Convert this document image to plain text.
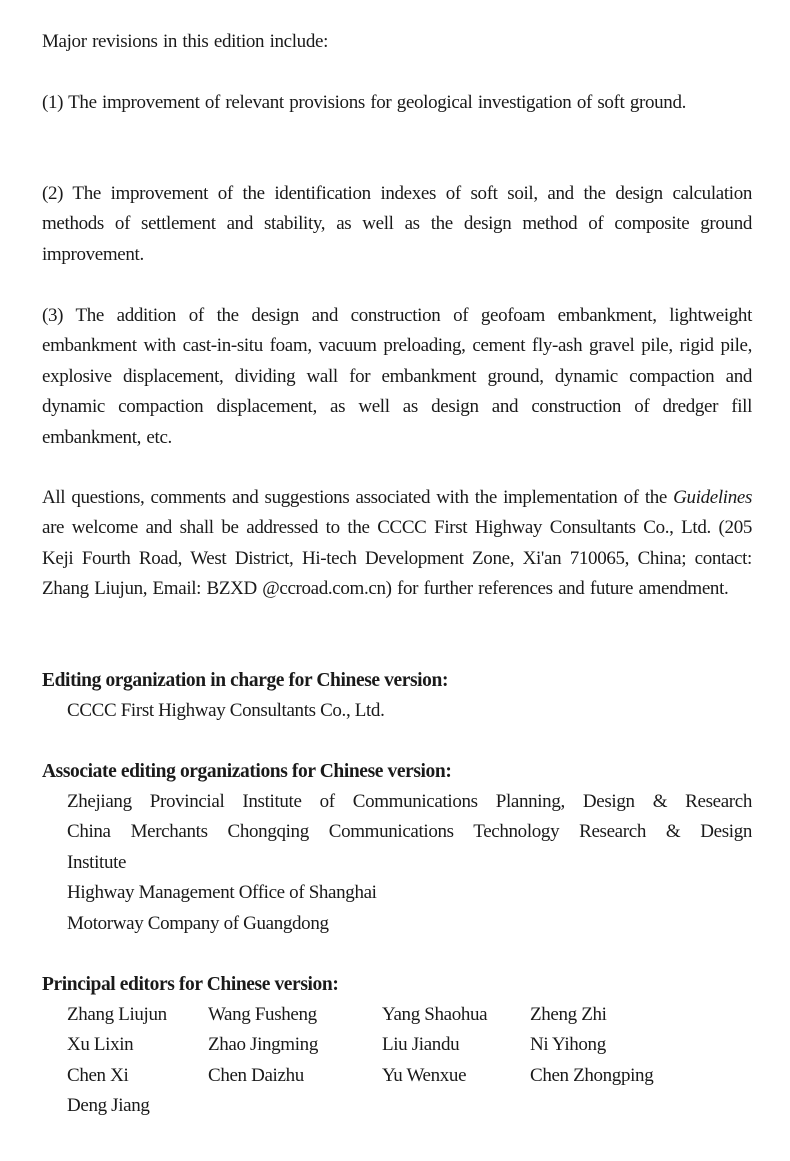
Major revisions in this edition include:

(1) The improvement of relevant provisions for geological investigation of soft ground.

(2) The improvement of the identification indexes of soft soil, and the design calculation methods of settlement and stability, as well as the design method of composite ground improvement.

(3) The addition of the design and construction of geofoam embankment, lightweight embankment with cast-in-situ foam, vacuum preloading, cement fly-ash gravel pile, rigid pile, explosive displacement, dividing wall for embankment ground, dynamic compaction and dynamic compaction displacement, as well as design and construction of dredger fill embankment, etc.

All questions, comments and suggestions associated with the implementation of the Guidelines are welcome and shall be addressed to the CCCC First Highway Consultants Co., Ltd. (205 Keji Fourth Road, West District, Hi-tech Development Zone, Xi'an 710065, China; contact: Zhang Liujun, Email: BZXD @ccroad.com.cn) for further references and future amendment.

Editing organization in charge for Chinese version:

CCCC First Highway Consultants Co., Ltd.

Associate editing organizations for Chinese version:

Zhejiang Provincial Institute of Communications Planning, Design & Research

China Merchants Chongqing Communications Technology Research & Design

Institute

Highway Management Office of Shanghai

Motorway Company of Guangdong

Principal editors for Chinese version:

Zhang Liujun	Wang Fusheng	Yang Shaohua	Zheng Zhi
Xu Lixin	Zhao Jingming	Liu Jiandu	Ni Yihong
Chen Xi	Chen Daizhu	Yu Wenxue	Chen Zhongping
Deng Jiang
